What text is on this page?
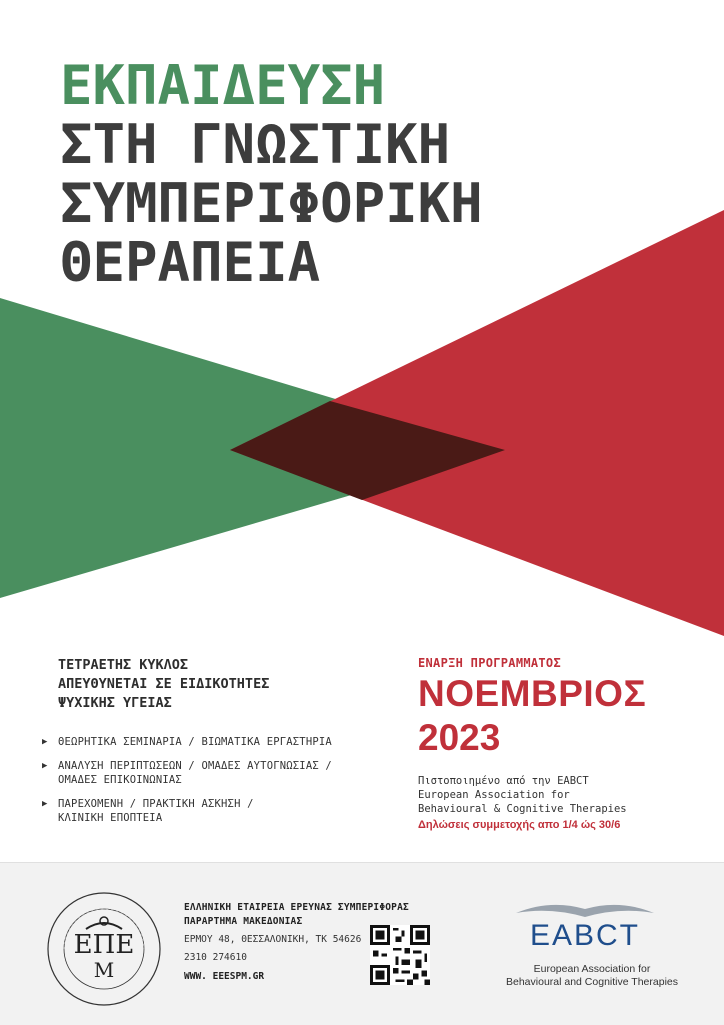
ΕΚΠΑΙΔΕΥΣΗ
ΣΤΗ ΓΝΩΣΤΙΚΗ
ΣΥΜΠΕΡΙΦΟΡΙΚΗ
ΘΕΡΑΠΕΙΑ
ΤΕΤΡΑΕΤΗΣ ΚΥΚΛΟΣ
ΑΠΕΥΘΥΝΕΤΑΙ ΣΕ ΕΙΔΙΚΟΤΗΤΕΣ
ΨΥΧΙΚΗΣ ΥΓΕΙΑΣ
▶ ΘΕΩΡΗΤΙΚΑ ΣΕΜΙΝΑΡΙΑ / ΒΙΩΜΑΤΙΚΑ ΕΡΓΑΣΤΗΡΙΑ
▶ ΑΝΑΛΥΣΗ ΠΕΡΙΠΤΩΣΕΩΝ / ΟΜΑΔΕΣ ΑΥΤΟΓΝΩΣΙΑΣ /
ΟΜΑΔΕΣ ΕΠΙΚΟΙΝΩΝΙΑΣ
▶ ΠΑΡΕΧΟΜΕΝΗ / ΠΡΑΚΤΙΚΗ ΑΣΚΗΣΗ /
ΚΛΙΝΙΚΗ ΕΠΟΠΤΕΙΑ
ΕΝΑΡΞΗ ΠΡΟΓΡΑΜΜΑΤΟΣ
ΝΟΕΜΒΡΙΟΣ
2023
Πιστοποιημένο από την EABCT
European Association for
Behavioural & Cognitive Therapies
Δηλώσεις συμμετοχής απο 1/4 ώς 30/6
ΕΠΕ
Μ
ΕΛΛΗΝΙΚΗ ΕΤΑΙΡΕΙΑ ΕΡΕΥΝΑΣ ΣΥΜΠΕΡΙΦΟΡΑΣ
ΠΑΡΑΡΤΗΜΑ ΜΑΚΕΔΟΝΙΑΣ
ΕΡΜΟΥ 48, ΘΕΣΣΑΛΟΝΙΚΗ, ΤΚ 54626
2310 274610
WWW. EEESPM.GR
EABCT
European Association for
Behavioural and Cognitive Therapies
